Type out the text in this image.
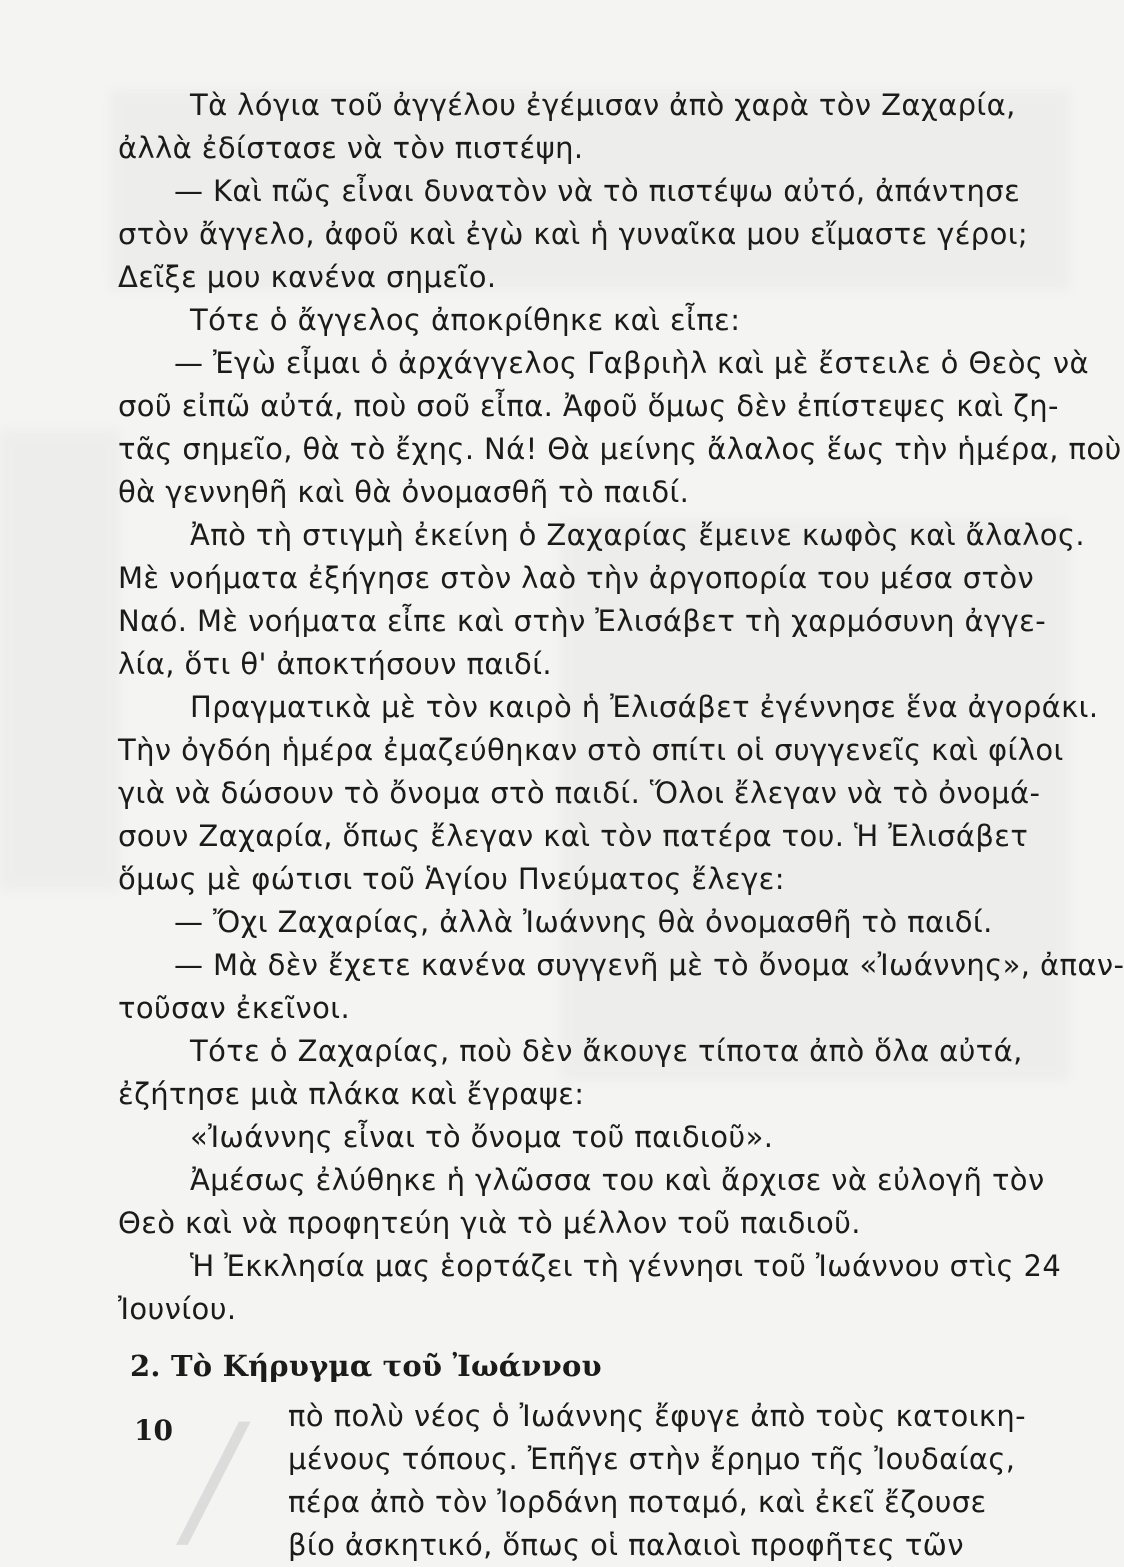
Τὰ λόγια τοῦ ἀγγέλου ἐγέμισαν ἀπὸ χαρὰ τὸν Ζαχαρία,
ἀλλὰ ἐδίστασε νὰ τὸν πιστέψη.
— Καὶ πῶς εἶναι δυνατὸν νὰ τὸ πιστέψω αὐτό, ἀπάντησε
στὸν ἄγγελο, ἀφοῦ καὶ ἐγὼ καὶ ἡ γυναῖκα μου εἴμαστε γέροι;
Δεῖξε μου κανένα σημεῖο.
Τότε ὁ ἄγγελος ἀποκρίθηκε καὶ εἶπε:
— Ἐγὼ εἶμαι ὁ ἀρχάγγελος Γαβριὴλ καὶ μὲ ἔστειλε ὁ Θεὸς νὰ
σοῦ εἰπῶ αὐτά, ποὺ σοῦ εἶπα. Ἀφοῦ ὅμως δὲν ἐπίστεψες καὶ ζη-
τᾶς σημεῖο, θὰ τὸ ἔχης. Νά! Θὰ μείνης ἄλαλος ἕως τὴν ἡμέρα, ποὺ
θὰ γεννηθῆ καὶ θὰ ὀνομασθῆ τὸ παιδί.
Ἀπὸ τὴ στιγμὴ ἐκείνη ὁ Ζαχαρίας ἔμεινε κωφὸς καὶ ἄλαλος.
Μὲ νοήματα ἐξήγησε στὸν λαὸ τὴν ἀργοπορία του μέσα στὸν
Ναό. Μὲ νοήματα εἶπε καὶ στὴν Ἐλισάβετ τὴ χαρμόσυνη ἀγγε-
λία, ὅτι θ' ἀποκτήσουν παιδί.
Πραγματικὰ μὲ τὸν καιρὸ ἡ Ἐλισάβετ ἐγέννησε ἕνα ἀγοράκι.
Τὴν ὀγδόη ἡμέρα ἐμαζεύθηκαν στὸ σπίτι οἱ συγγενεῖς καὶ φίλοι
γιὰ νὰ δώσουν τὸ ὄνομα στὸ παιδί. Ὅλοι ἔλεγαν νὰ τὸ ὀνομά-
σουν Ζαχαρία, ὅπως ἔλεγαν καὶ τὸν πατέρα του. Ἡ Ἐλισάβετ
ὅμως μὲ φώτισι τοῦ Ἁγίου Πνεύματος ἔλεγε:
— Ὄχι Ζαχαρίας, ἀλλὰ Ἰωάννης θὰ ὀνομασθῆ τὸ παιδί.
— Μὰ δὲν ἔχετε κανένα συγγενῆ μὲ τὸ ὄνομα «Ἰωάννης», ἀπαν-
τοῦσαν ἐκεῖνοι.
Τότε ὁ Ζαχαρίας, ποὺ δὲν ἄκουγε τίποτα ἀπὸ ὅλα αὐτά,
ἐζήτησε μιὰ πλάκα καὶ ἔγραψε:
«Ἰωάννης εἶναι τὸ ὄνομα τοῦ παιδιοῦ».
Ἀμέσως ἐλύθηκε ἡ γλῶσσα του καὶ ἄρχισε νὰ εὐλογῆ τὸν
Θεὸ καὶ νὰ προφητεύη γιὰ τὸ μέλλον τοῦ παιδιοῦ.
Ἡ Ἐκκλησία μας ἑορτάζει τὴ γέννησι τοῦ Ἰωάννου στὶς 24
Ἰουνίου.
2. Τὸ Κήρυγμα τοῦ Ἰωάννου
/ πὸ πολὺ νέος ὁ Ἰωάννης ἔφυγε ἀπὸ τοὺς κατοικη-
μένους τόπους. Ἐπῆγε στὴν ἔρημο τῆς Ἰουδαίας,
πέρα ἀπὸ τὸν Ἰορδάνη ποταμό, καὶ ἐκεῖ ἔζουσε
βίο ἀσκητικό, ὅπως οἱ παλαιοὶ προφῆτες τῶν
10
